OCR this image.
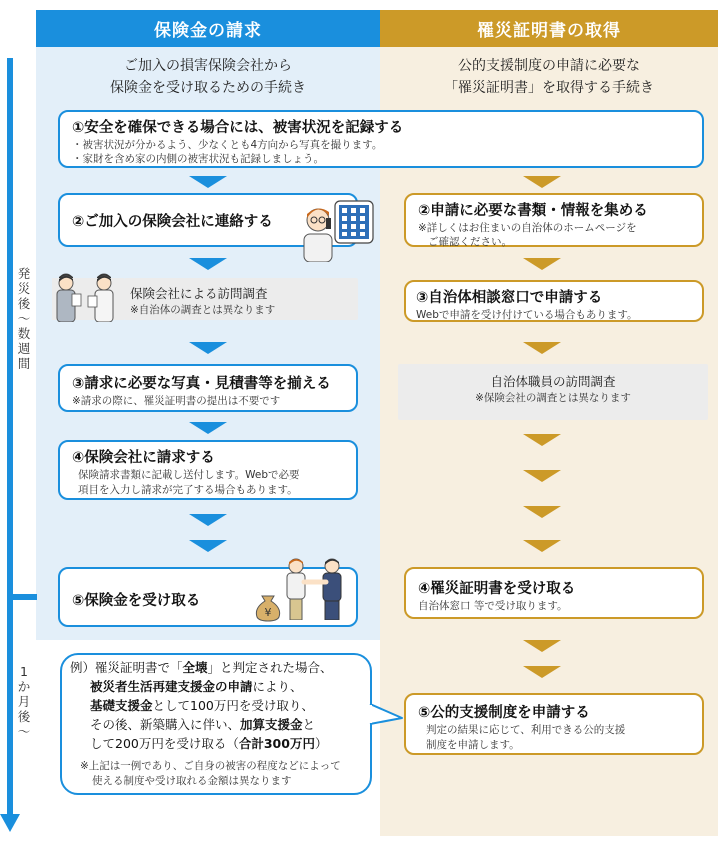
保険金の請求	罹災証明書の取得
ご加入の損害保険会社から
保険金を受け取るための手続き
公的支援制度の申請に必要な
「罹災証明書」を取得する手続き
発
災
後
〜
数
週
間
1
か
月
後
〜
①安全を確保できる場合には、被害状況を記録する
・被害状況が分かるよう、少なくとも4方向から写真を撮ります。
・家財を含め家の内側の被害状況も記録しましょう。
②ご加入の保険会社に連絡する
②申請に必要な書類・情報を集める
※詳しくはお住まいの自治体のホームページを
ご確認ください。
保険会社による訪問調査
※自治体の調査とは異なります
③自治体相談窓口で申請する
Webで申請を受け付けている場合もあります。
③請求に必要な写真・見積書等を揃える
※請求の際に、罹災証明書の提出は不要です
自治体職員の訪問調査
※保険会社の調査とは異なります
④保険会社に請求する
保険請求書類に記載し送付します。Webで必要
項目を入力し請求が完了する場合もあります。
⑤保険金を受け取る
¥
④罹災証明書を受け取る
自治体窓口 等で受け取ります。
例）罹災証明書で「全壊」と判定された場合、
被災者生活再建支援金の申請により、
基礎支援金として100万円を受け取り、
その後、新築購入に伴い、加算支援金と
して200万円を受け取る（合計300万円）
※上記は一例であり、ご自身の被害の程度などによって
使える制度や受け取れる金額は異なります
⑤公的支援制度を申請する
判定の結果に応じて、利用できる公的支援
制度を申請します。
